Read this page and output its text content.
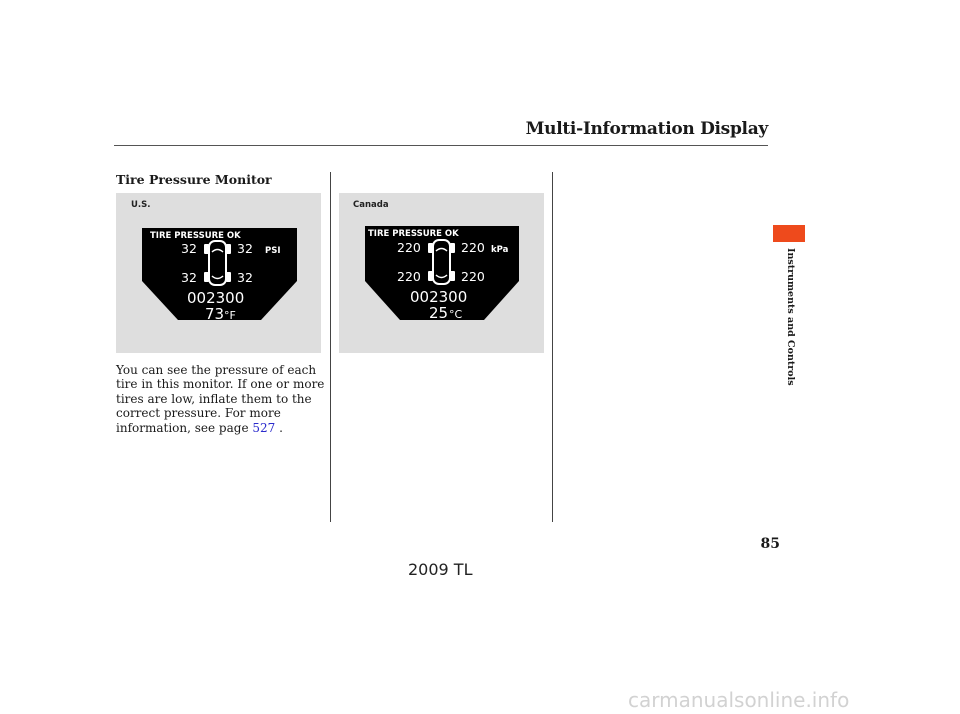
Multi-Information Display
Tire Pressure Monitor
U.S.	Canada
TIRE PRESSURE OK
32	32
32	32
PSI
002300
73 °F
TIRE PRESSURE OK
220	220
220	220
kPa
002300
25 °C
You can see the pressure of each tire in this monitor. If one or more tires are low, inflate them to the correct pressure. For more information, see page 527 .
Instruments and Controls
85
2009 TL
carmanualsonline.info
